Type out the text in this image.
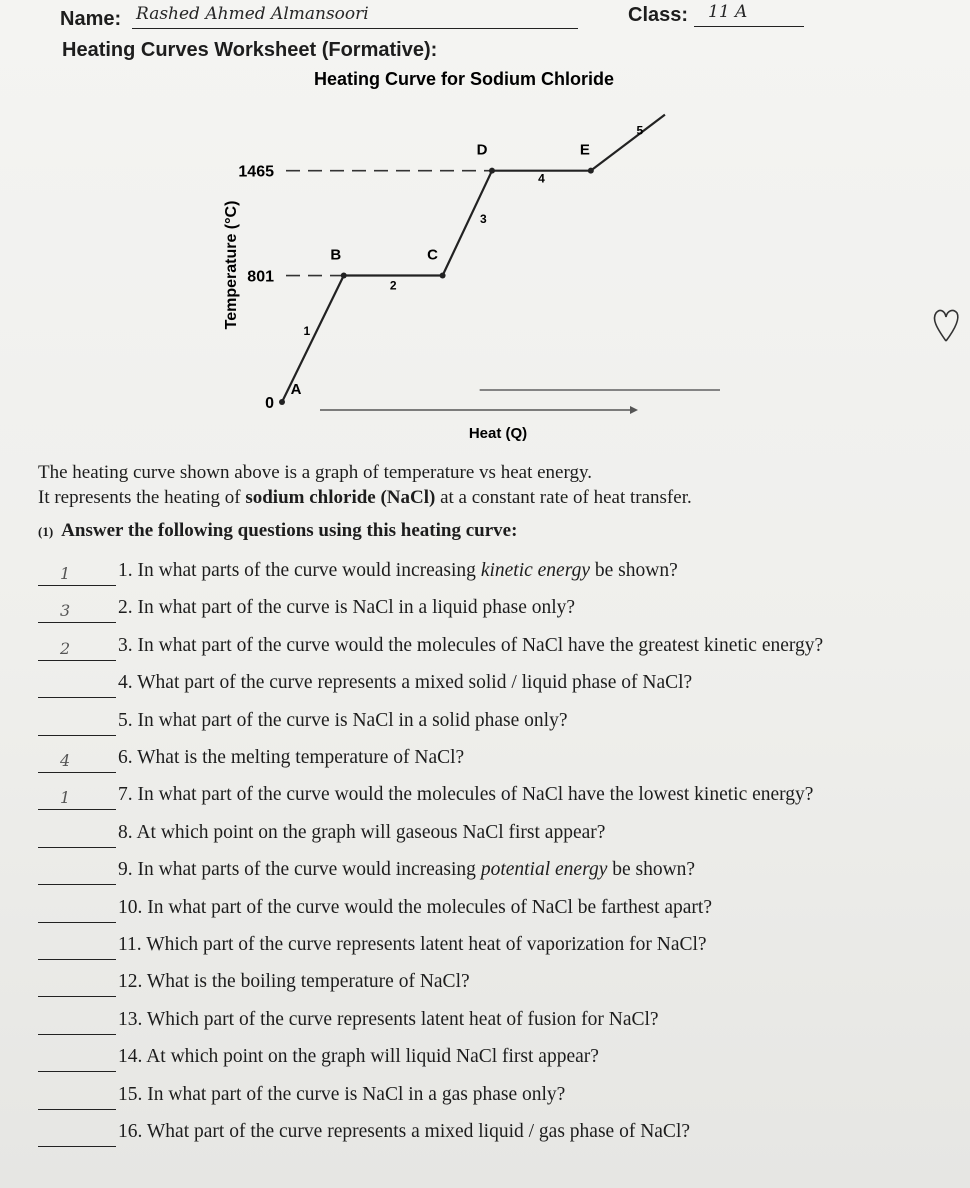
Name: Rashed Ahmed Almansoori	Class: 11 A
Heating Curves Worksheet (Formative):
Heating Curve for Sodium Chloride
0
801
1465
A
B	C
D	E
1
2
3
4
5
Heat (Q)
Temperature (°C)
The heating curve shown above is a graph of temperature vs heat energy.
It represents the heating of sodium chloride (NaCl) at a constant rate of heat transfer.
(1) Answer the following questions using this heating curve:
1 1. In what parts of the curve would increasing kinetic energy be shown?
3 2. In what part of the curve is NaCl in a liquid phase only?
2 3. In what part of the curve would the molecules of NaCl have the greatest kinetic energy?
4. What part of the curve represents a mixed solid / liquid phase of NaCl?
5. In what part of the curve is NaCl in a solid phase only?
4 6. What is the melting temperature of NaCl?
1 7. In what part of the curve would the molecules of NaCl have the lowest kinetic energy?
8. At which point on the graph will gaseous NaCl first appear?
9. In what parts of the curve would increasing potential energy be shown?
10. In what part of the curve would the molecules of NaCl be farthest apart?
11. Which part of the curve represents latent heat of vaporization for NaCl?
12. What is the boiling temperature of NaCl?
13. Which part of the curve represents latent heat of fusion for NaCl?
14. At which point on the graph will liquid NaCl first appear?
15. In what part of the curve is NaCl in a gas phase only?
16. What part of the curve represents a mixed liquid / gas phase of NaCl?
